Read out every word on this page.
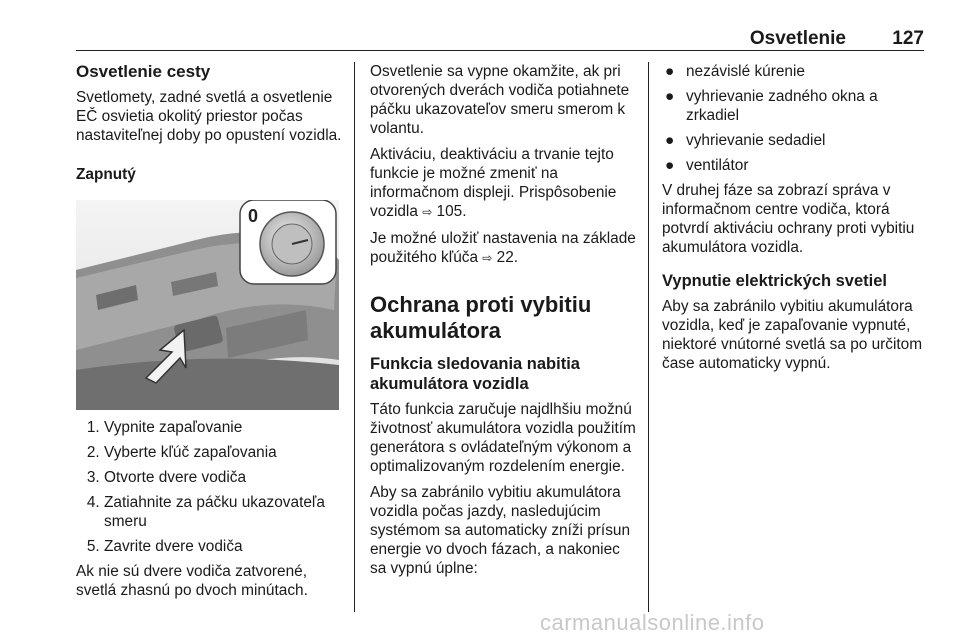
Osvetlenie 127
Osvetlenie cesty

Svetlomety, zadné svetlá a osvetlenie EČ osvietia okolitý priestor počas nastaviteľnej doby po opustení vozidla.

Zapnutý

0
1. Vypnite zapaľovanie
2. Vyberte kľúč zapaľovania
3. Otvorte dvere vodiča
4. Zatiahnite za páčku ukazovateľa smeru
5. Zavrite dvere vodiča

Ak nie sú dvere vodiča zatvorené, svetlá zhasnú po dvoch minútach.

Osvetlenie sa vypne okamžite, ak pri otvorených dverách vodiča potiahnete páčku ukazovateľov smeru smerom k volantu.

Aktiváciu, deaktiváciu a trvanie tejto funkcie je možné zmeniť na informačnom displeji. Prispôsobenie vozidla ⇨ 105.

Je možné uložiť nastavenia na základe použitého kľúča ⇨ 22.

Ochrana proti vybitiu akumulátora
Funkcia sledovania nabitia akumulátora vozidla

Táto funkcia zaručuje najdlhšiu možnú životnosť akumulátora vozidla použitím generátora s ovládateľným výkonom a optimalizovaným rozdelením energie.

Aby sa zabránilo vybitiu akumulátora vozidla počas jazdy, nasledujúcim systémom sa automaticky zníži prísun energie vo dvoch fázach, a nakoniec sa vypnú úplne:

● nezávislé kúrenie
● vyhrievanie zadného okna a zrkadiel
● vyhrievanie sedadiel
● ventilátor

V druhej fáze sa zobrazí správa v informačnom centre vodiča, ktorá potvrdí aktiváciu ochrany proti vybitiu akumulátora vozidla.

Vypnutie elektrických svetiel

Aby sa zabránilo vybitiu akumulátora vozidla, keď je zapaľovanie vypnuté, niektoré vnútorné svetlá sa po určitom čase automaticky vypnú.

carmanualsonline.info
